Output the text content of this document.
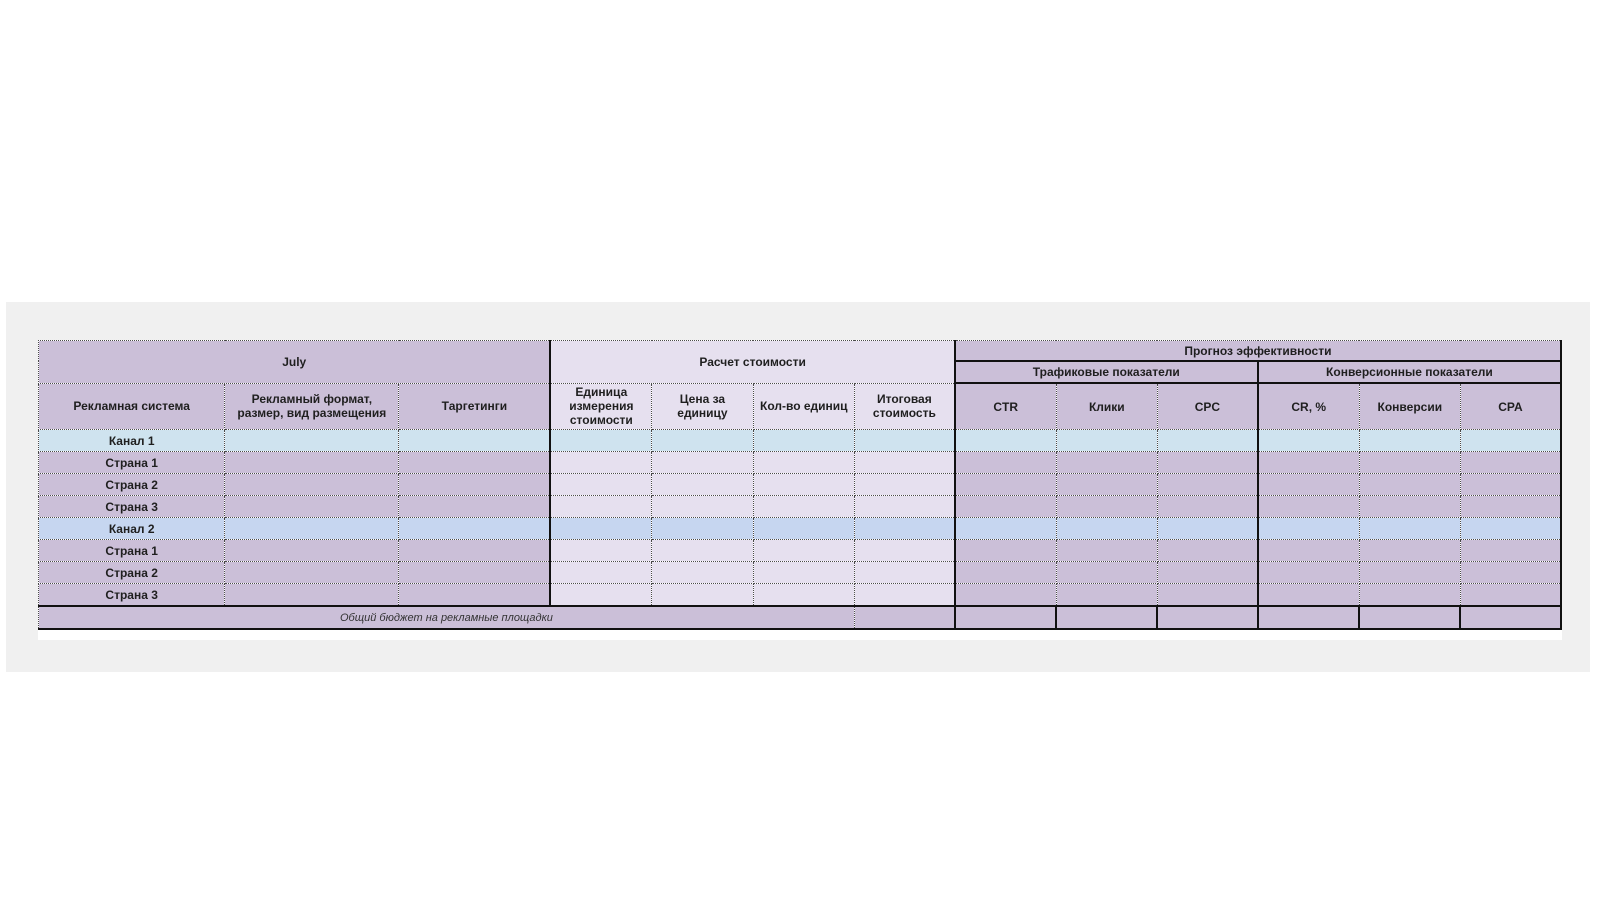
July			Расчет стоимости				Прогноз эффективности					
							Трафиковые показатели			Конверсионные показатели		
Рекламная система	Рекламный формат, размер, вид размещения	Таргетинги	Единица измерения стоимости	Цена за единицу	Кол-во единиц	Итоговая стоимость	CTR	Клики	CPC	CR, %	Конверсии	CPA
Канал 1												
Страна 1												
Страна 2												
Страна 3												
Канал 2												
Страна 1												
Страна 2												
Страна 3												
Общий бюджет на рекламные площадки												
